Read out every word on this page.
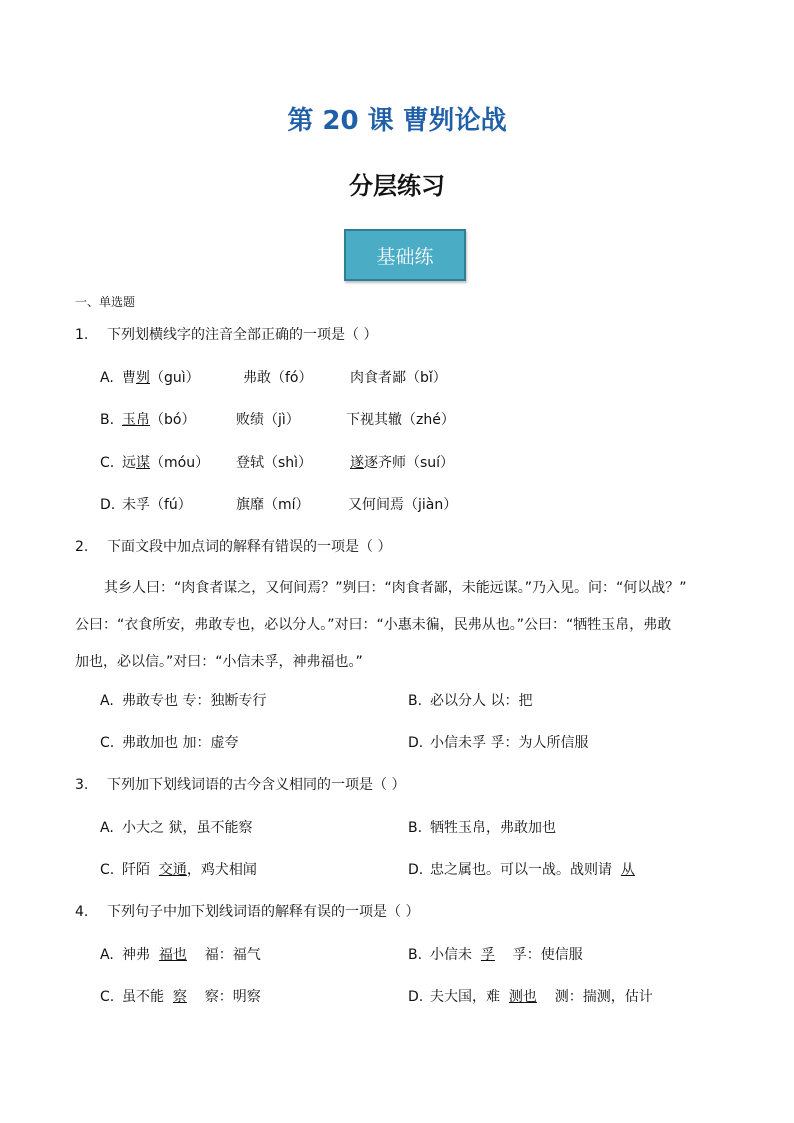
第 20 课 曹刿论战
分层练习
基础练
一、单选题
1. 下列划横线字的注音全部正确的一项是（ ）
A. 曹刿（guì）	弗敢（fó）	肉食者鄙（bǐ）
B. 玉帛（bó）	败绩（jì）	下视其辙（zhé）
C. 远谋（móu） 登轼（shì）	遂逐齐师（suí）
D. 未孚（fú）	旗靡（mí）	又何间焉（jiàn）
2. 下面文段中加点词的解释有错误的一项是（ ）
其乡人曰：“肉食者谋之，又何间焉？”刿曰：“肉食者鄙，未能远谋。”乃入见。问：“何以战？”
公曰：“衣食所安，弗敢专也，必以分人。”对曰：“小惠未徧，民弗从也。”公曰：“牺牲玉帛，弗敢
加也，必以信。”对曰：“小信未孚，神弗福也。”
A. 弗敢专也 专：独断专行	B. 必以分人 以：把
C. 弗敢加也 加：虚夸	D. 小信未孚 孚：为人所信服
3. 下列加下划线词语的古今含义相同的一项是（ ）
A. 小大之 狱，虽不能察	B. 牺牲玉帛，弗敢加也
C. 阡陌  交通，鸡犬相闻	D. 忠之属也。可以一战。战则请  从
4. 下列句子中加下划线词语的解释有误的一项是（ ）
A. 神弗  福也    福：福气	B. 小信未  孚    孚：使信服
C. 虽不能  察    察：明察	D. 夫大国，难  测也    测：揣测，估计
